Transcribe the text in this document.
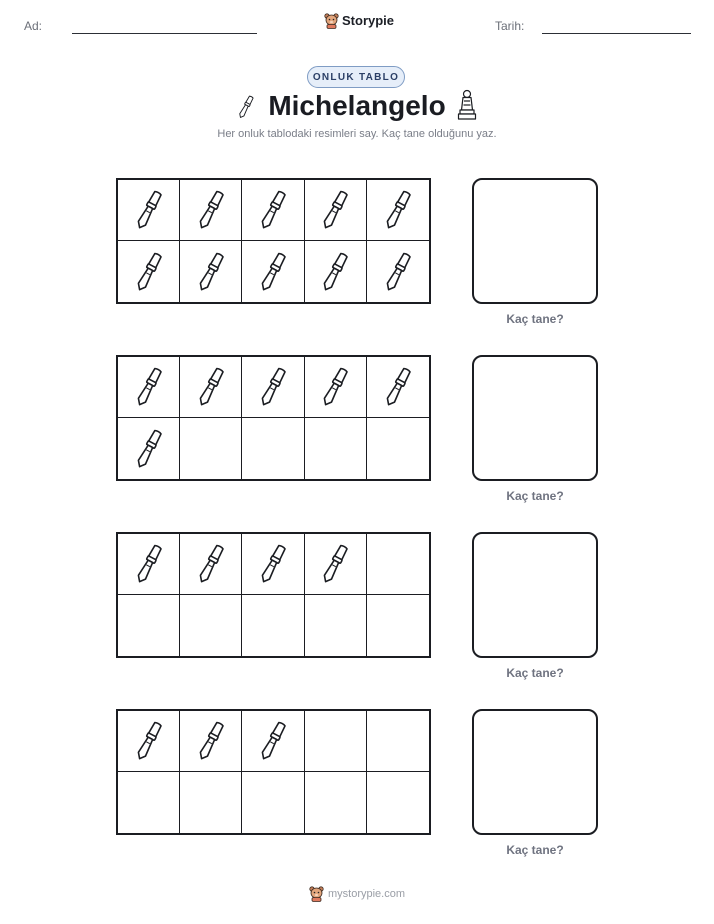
Ad:	Storypie	Tarih:
ONLUK TABLO
Michelangelo
Her onluk tablodaki resimleri say. Kaç tane olduğunu yaz.
Kaç tane?
Kaç tane?
Kaç tane?
Kaç tane?
mystorypie.com
